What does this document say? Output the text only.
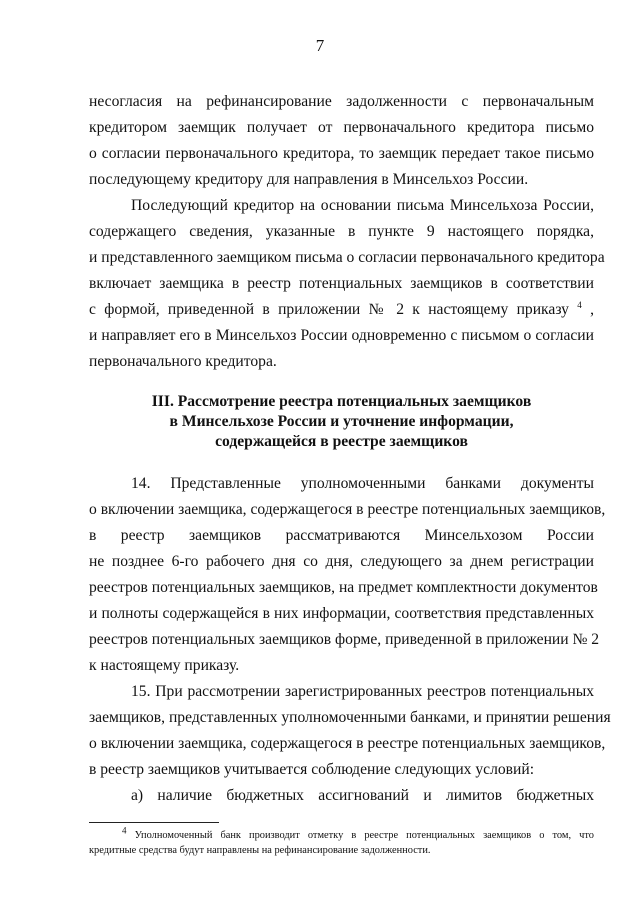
7
несогласия на рефинансирование задолженности с первоначальным
кредитором заемщик получает от первоначального кредитора письмо
о согласии первоначального кредитора, то заемщик передает такое письмо
последующему кредитору для направления в Минсельхоз России.
Последующий кредитор на основании письма Минсельхоза России,
содержащего сведения, указанные в пункте 9 настоящего порядка,
и представленного заемщиком письма о согласии первоначального кредитора
включает заемщика в реестр потенциальных заемщиков в соответствии
с формой, приведенной в приложении № 2 к настоящему приказу $^4$ ,
и направляет его в Минсельхоз России одновременно с письмом о согласии
первоначального кредитора.
III. Рассмотрение реестра потенциальных заемщиков
в Минсельхозе России и уточнение информации,
содержащейся в реестре заемщиков
14. Представленные уполномоченными банками документы
о включении заемщика, содержащегося в реестре потенциальных заемщиков,
в реестр заемщиков рассматриваются Минсельхозом России
не позднее 6-го рабочего дня со дня, следующего за днем регистрации
реестров потенциальных заемщиков, на предмет комплектности документов
и полноты содержащейся в них информации, соответствия представленных
реестров потенциальных заемщиков форме, приведенной в приложении № 2
к настоящему приказу.
15. При рассмотрении зарегистрированных реестров потенциальных
заемщиков, представленных уполномоченными банками, и принятии решения
о включении заемщика, содержащегося в реестре потенциальных заемщиков,
в реестр заемщиков учитывается соблюдение следующих условий:
а) наличие бюджетных ассигнований и лимитов бюджетных
$^4$ Уполномоченный банк производит отметку в реестре потенциальных заемщиков о том, что
кредитные средства будут направлены на рефинансирование задолженности.
